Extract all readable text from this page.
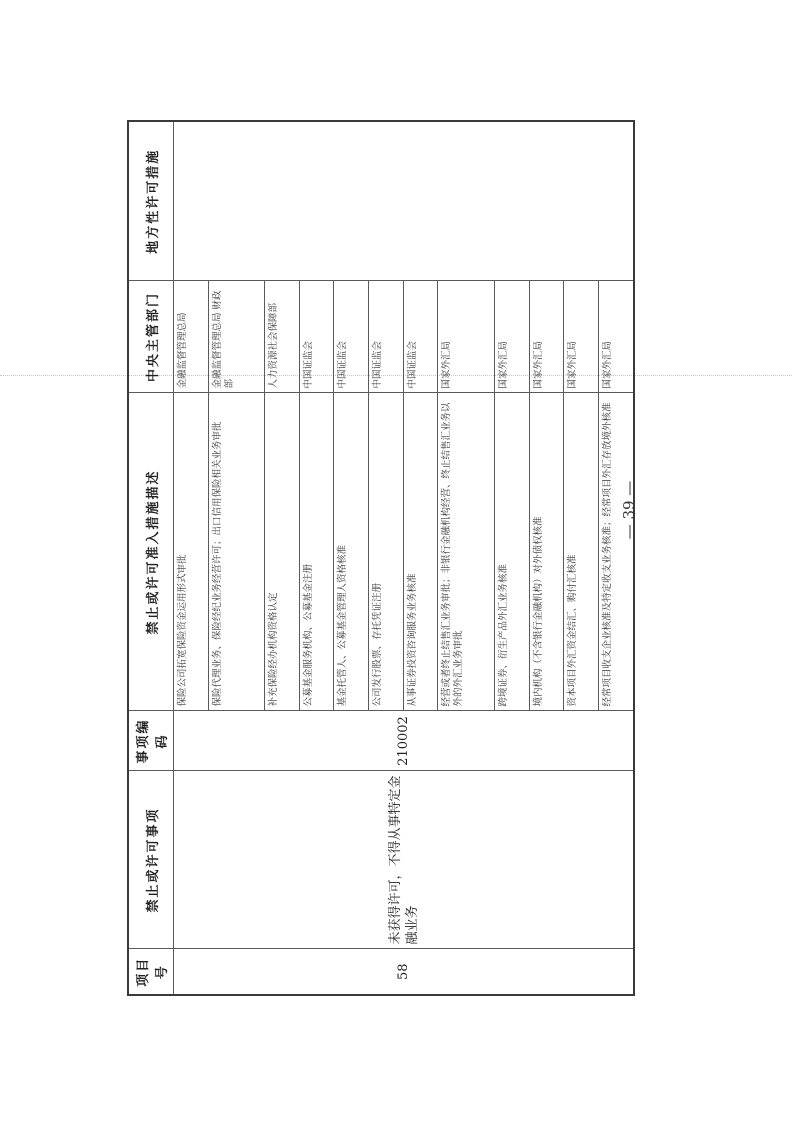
项目号	禁止或许可事项	事项编码	禁止或许可准入措施描述	中央主管部门	地方性许可措施
58	未获得许可，不得从事特定金融业务	210002	保险公司拓宽保险资金运用形式审批	金融监督管理总局	
			保险代理业务、保险经纪业务经营许可；出口信用保险相关业务审批	金融监督管理总局 财政部	
			补充保险经办机构资格认定	人力资源社会保障部	
			公募基金服务机构、公募基金注册	中国证监会	
			基金托管人、公募基金管理人资格核准	中国证监会	
			公司发行股票、存托凭证注册	中国证监会	
			从事证券投资咨询服务业务核准	中国证监会	
			经营或者终止结售汇业务审批；非银行金融机构经营、终止结售汇业务以外的外汇业务审批	国家外汇局	
			跨境证券、衍生产品外汇业务核准	国家外汇局	
			境内机构（不含银行金融机构）对外债权核准	国家外汇局	
			资本项目外汇资金结汇、购付汇核准	国家外汇局	
			经常项目收支企业核准及特定收支业务核准；经常项目外汇存放境外核准	国家外汇局	
— 39 —
